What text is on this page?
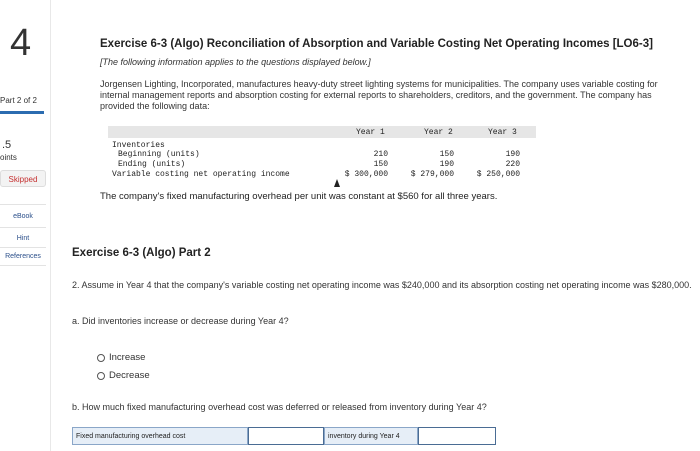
4
Part 2 of 2
.5
oints
Skipped
eBook
Hint
References
Exercise 6-3 (Algo) Reconciliation of Absorption and Variable Costing Net Operating Incomes [LO6-3]
[The following information applies to the questions displayed below.]
Jorgensen Lighting, Incorporated, manufactures heavy-duty street lighting systems for municipalities. The company uses variable costing for internal management reports and absorption costing for external reports to shareholders, creditors, and the government. The company has provided the following data:
Year 1	Year 2	Year 3
Inventories
Beginning (units)	210	150	190
Ending (units)	150	190	220
Variable costing net operating income	$ 300,000	$ 279,000	$ 250,000
The company's fixed manufacturing overhead per unit was constant at $560 for all three years.
Exercise 6-3 (Algo) Part 2
2. Assume in Year 4 that the company's variable costing net operating income was $240,000 and its absorption costing net operating income was $280,000.
a. Did inventories increase or decrease during Year 4?
Increase
Decrease
b. How much fixed manufacturing overhead cost was deferred or released from inventory during Year 4?
Fixed manufacturing overhead cost	inventory during Year 4
